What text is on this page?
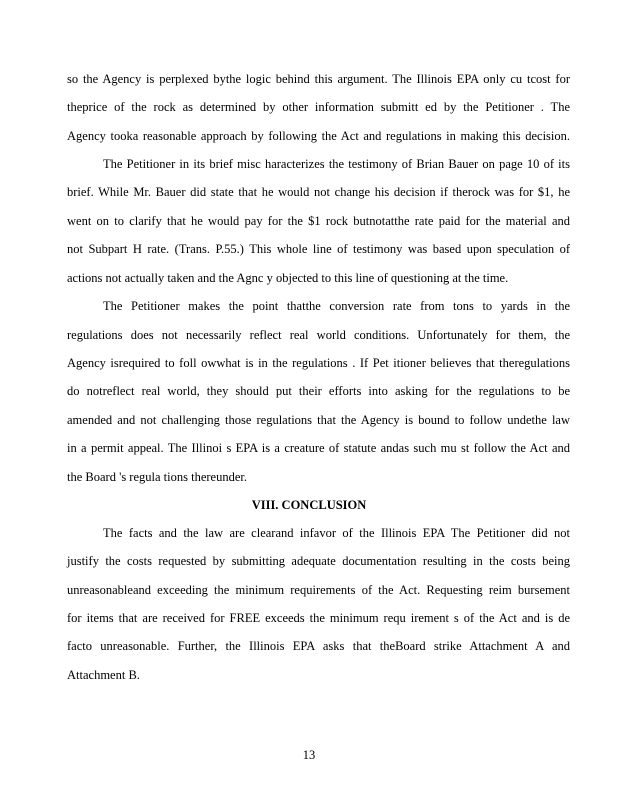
so the Agency is perplexed bythe logic behind this argument. The Illinois EPA only cu tcost for
theprice of the rock as determined by other information submitt ed by the Petitioner . The
Agency tooka reasonable approach by following the Act and regulations in making this decision.
The Petitioner in its brief misc haracterizes the testimony of Brian Bauer on page 10 of its
brief. While Mr. Bauer did state that he would not change his decision if therock was for $1, he
went on to clarify that he would pay for the $1 rock butnotatthe rate paid for the material and
not Subpart H rate. (Trans. P.55.) This whole line of testimony was based upon speculation of
actions not actually taken and the Agnc y objected to this line of questioning at the time.
The Petitioner makes the point thatthe conversion rate from tons to yards in the
regulations does not necessarily reflect real world conditions. Unfortunately for them, the
Agency isrequired to foll owwhat is in the regulations . If Pet itioner believes that theregulations
do notreflect real world, they should put their efforts into asking for the regulations to be
amended and not challenging those regulations that the Agency is bound to follow undethe law
in a permit appeal. The Illinoi s EPA is a creature of statute andas such mu st follow the Act and
the Board 's regula tions thereunder.
VIII. CONCLUSION
The facts and the law are clearand infavor of the Illinois EPA The Petitioner did not
justify the costs requested by submitting adequate documentation resulting in the costs being
unreasonableand exceeding the minimum requirements of the Act. Requesting reim bursement
for items that are received for FREE exceeds the minimum requ irement s of the Act and is de
facto unreasonable. Further, the Illinois EPA asks that theBoard strike Attachment A and
Attachment B.
13
